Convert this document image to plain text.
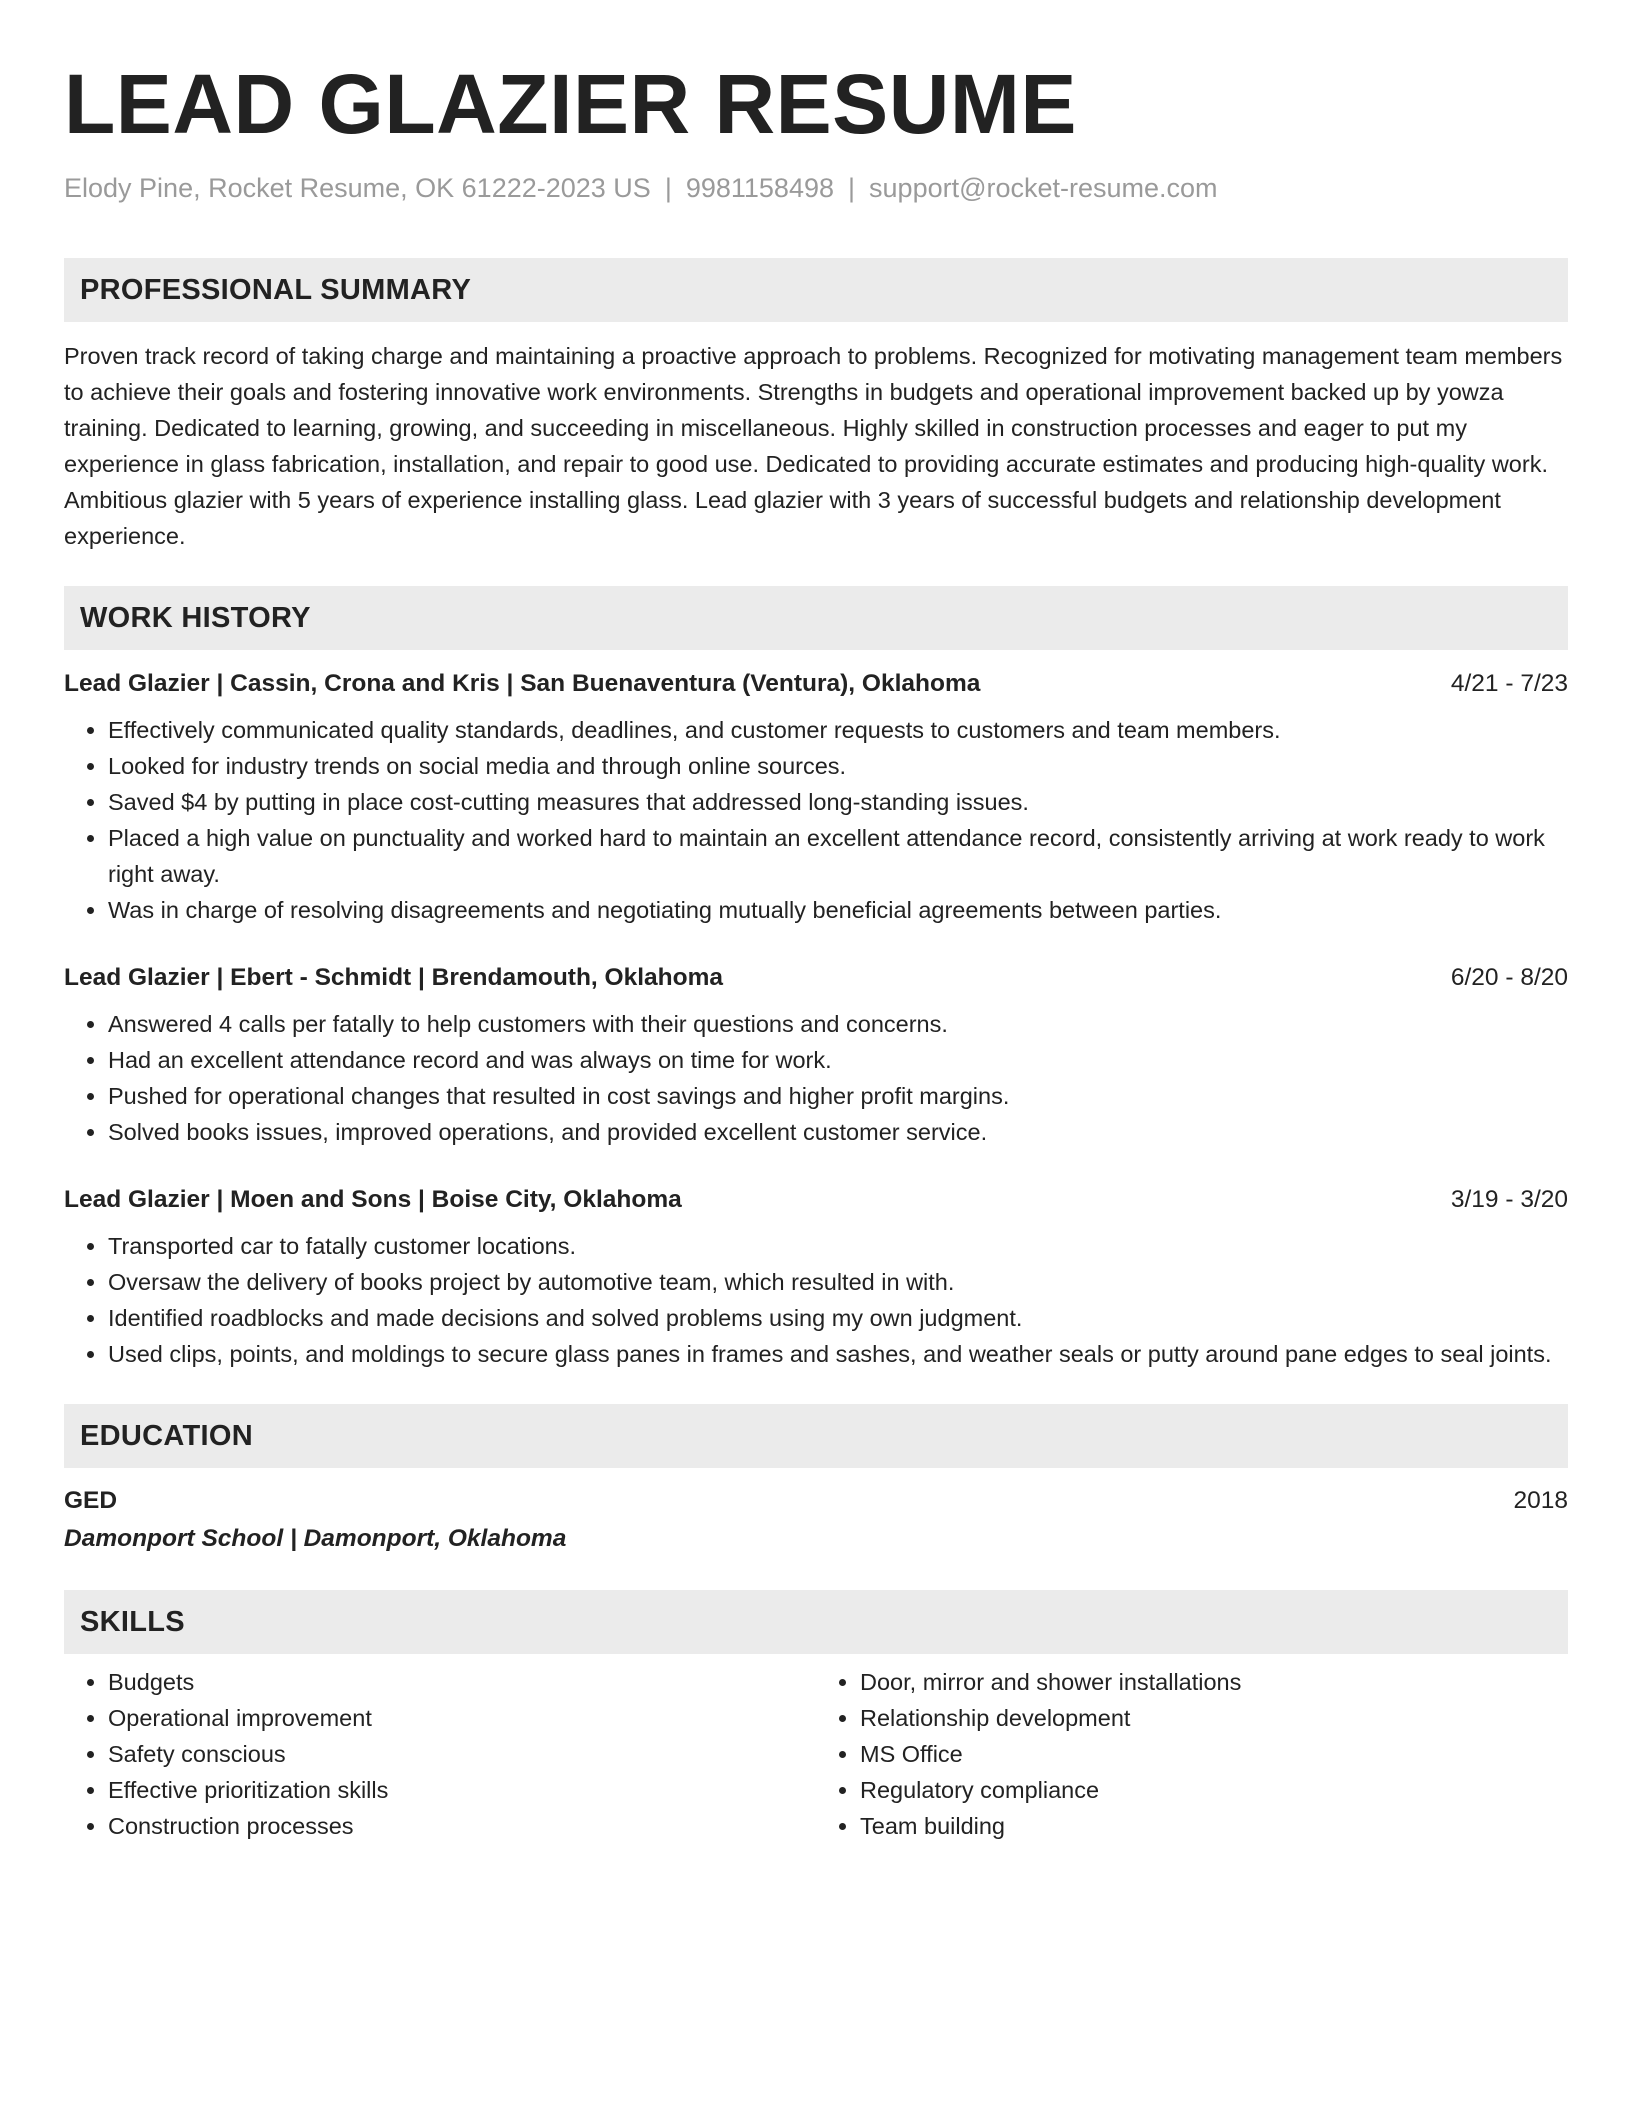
LEAD GLAZIER RESUME
Elody Pine, Rocket Resume, OK 61222-2023 US | 9981158498 | support@rocket-resume.com
PROFESSIONAL SUMMARY

Proven track record of taking charge and maintaining a proactive approach to problems. Recognized for motivating management team members to achieve their goals and fostering innovative work environments. Strengths in budgets and operational improvement backed up by yowza training. Dedicated to learning, growing, and succeeding in miscellaneous. Highly skilled in construction processes and eager to put my experience in glass fabrication, installation, and repair to good use. Dedicated to providing accurate estimates and producing high-quality work. Ambitious glazier with 5 years of experience installing glass. Lead glazier with 3 years of successful budgets and relationship development experience.

WORK HISTORY
Lead Glazier | Cassin, Crona and Kris | San Buenaventura (Ventura), Oklahoma	4/21 - 7/23
• Effectively communicated quality standards, deadlines, and customer requests to customers and team members.
• Looked for industry trends on social media and through online sources.
• Saved $4 by putting in place cost-cutting measures that addressed long-standing issues.
• Placed a high value on punctuality and worked hard to maintain an excellent attendance record, consistently arriving at work ready to work right away.
• Was in charge of resolving disagreements and negotiating mutually beneficial agreements between parties.
Lead Glazier | Ebert - Schmidt | Brendamouth, Oklahoma	6/20 - 8/20
• Answered 4 calls per fatally to help customers with their questions and concerns.
• Had an excellent attendance record and was always on time for work.
• Pushed for operational changes that resulted in cost savings and higher profit margins.
• Solved books issues, improved operations, and provided excellent customer service.
Lead Glazier | Moen and Sons | Boise City, Oklahoma	3/19 - 3/20
• Transported car to fatally customer locations.
• Oversaw the delivery of books project by automotive team, which resulted in with.
• Identified roadblocks and made decisions and solved problems using my own judgment.
• Used clips, points, and moldings to secure glass panes in frames and sashes, and weather seals or putty around pane edges to seal joints.
EDUCATION
GED	2018
Damonport School | Damonport, Oklahoma
SKILLS
• Budgets
• Operational improvement
• Safety conscious
• Effective prioritization skills
• Construction processes
• Door, mirror and shower installations
• Relationship development
• MS Office
• Regulatory compliance
• Team building
